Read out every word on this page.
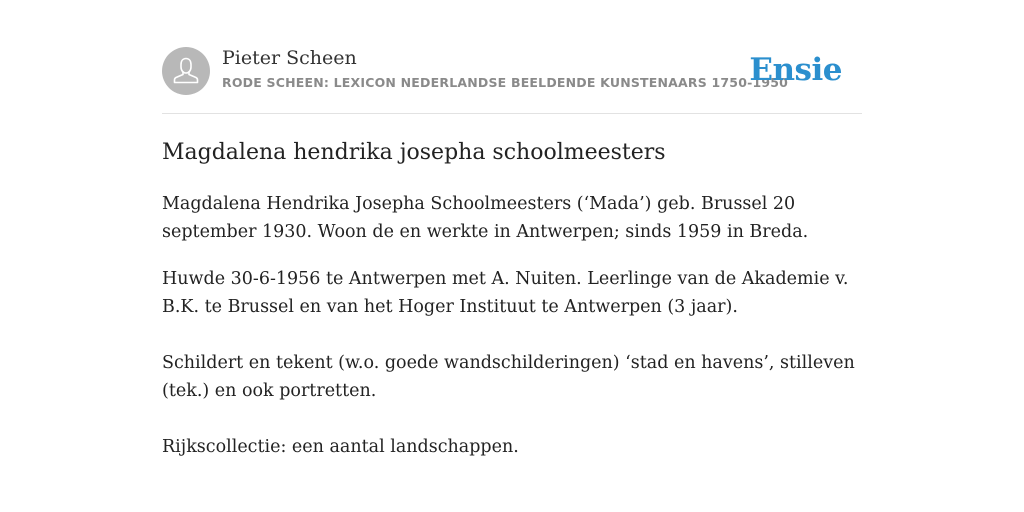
Pieter Scheen
RODE SCHEEN: LEXICON NEDERLANDSE BEELDENDE KUNSTENAARS 1750-1950
Ensie
Magdalena hendrika josepha schoolmeesters

Magdalena Hendrika Josepha Schoolmeesters (‘Mada’) geb. Brussel 20 september 1930. Woon de en werkte in Antwerpen; sinds 1959 in Breda.

Huwde 30-6-1956 te Antwerpen met A. Nuiten. Leerlinge van de Akademie v. B.K. te Brussel en van het Hoger Instituut te Antwerpen (3 jaar).

Schildert en tekent (w.o. goede wandschilderingen) ‘stad en havens’, stilleven (tek.) en ook portretten.

Rijkscollectie: een aantal landschappen.
